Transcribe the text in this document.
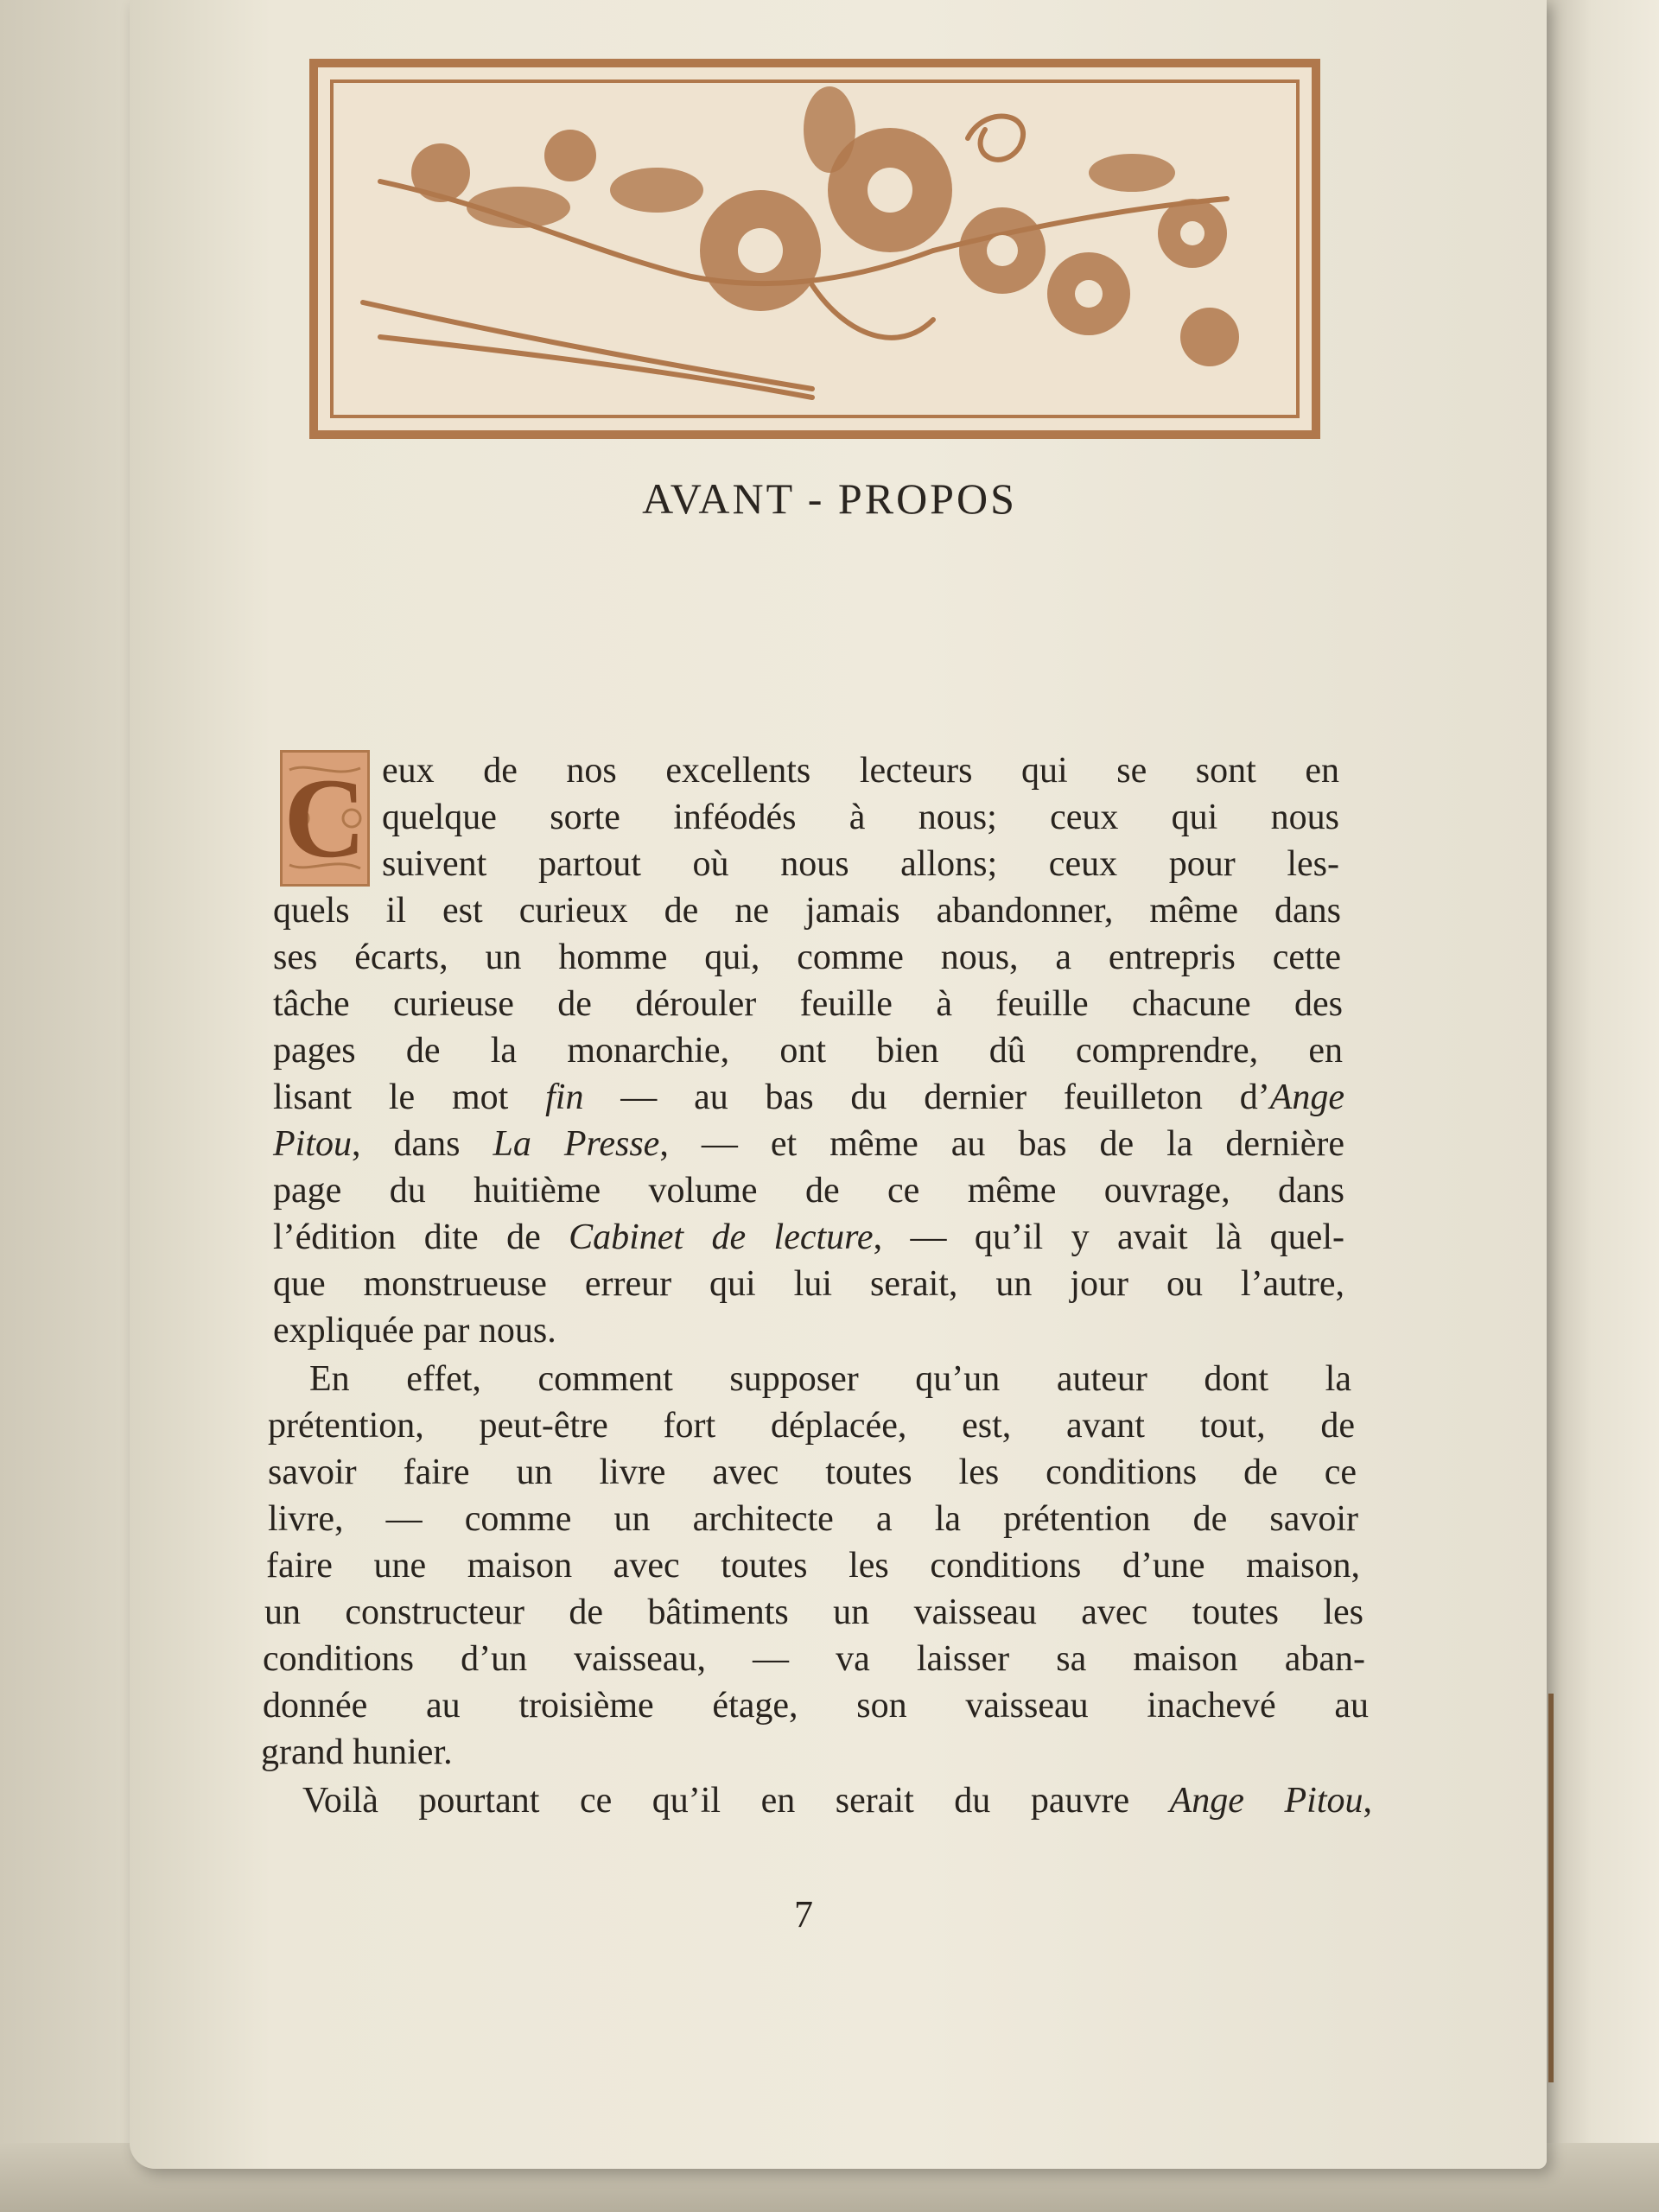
AVANT - PROPOS
C eux de nos excellents lecteurs qui se sont en

quelque sorte inféodés à nous; ceux qui nous

suivent partout où nous allons; ceux pour les-

quels il est curieux de ne jamais abandonner, même dans

ses écarts, un homme qui, comme nous, a entrepris cette

tâche curieuse de dérouler feuille à feuille chacune des

pages de la monarchie, ont bien dû comprendre, en

lisant le mot fin — au bas du dernier feuilleton d’Ange

Pitou, dans La Presse, — et même au bas de la dernière

page du huitième volume de ce même ouvrage, dans

l’édition dite de Cabinet de lecture, — qu’il y avait là quel-

que monstrueuse erreur qui lui serait, un jour ou l’autre,

expliquée par nous.

En effet, comment supposer qu’un auteur dont la

prétention, peut-être fort déplacée, est, avant tout, de

savoir faire un livre avec toutes les conditions de ce

livre, — comme un architecte a la prétention de savoir

faire une maison avec toutes les conditions d’une maison,

un constructeur de bâtiments un vaisseau avec toutes les

conditions d’un vaisseau, — va laisser sa maison aban-

donnée au troisième étage, son vaisseau inachevé au

grand hunier.

Voilà pourtant ce qu’il en serait du pauvre Ange Pitou,

7
